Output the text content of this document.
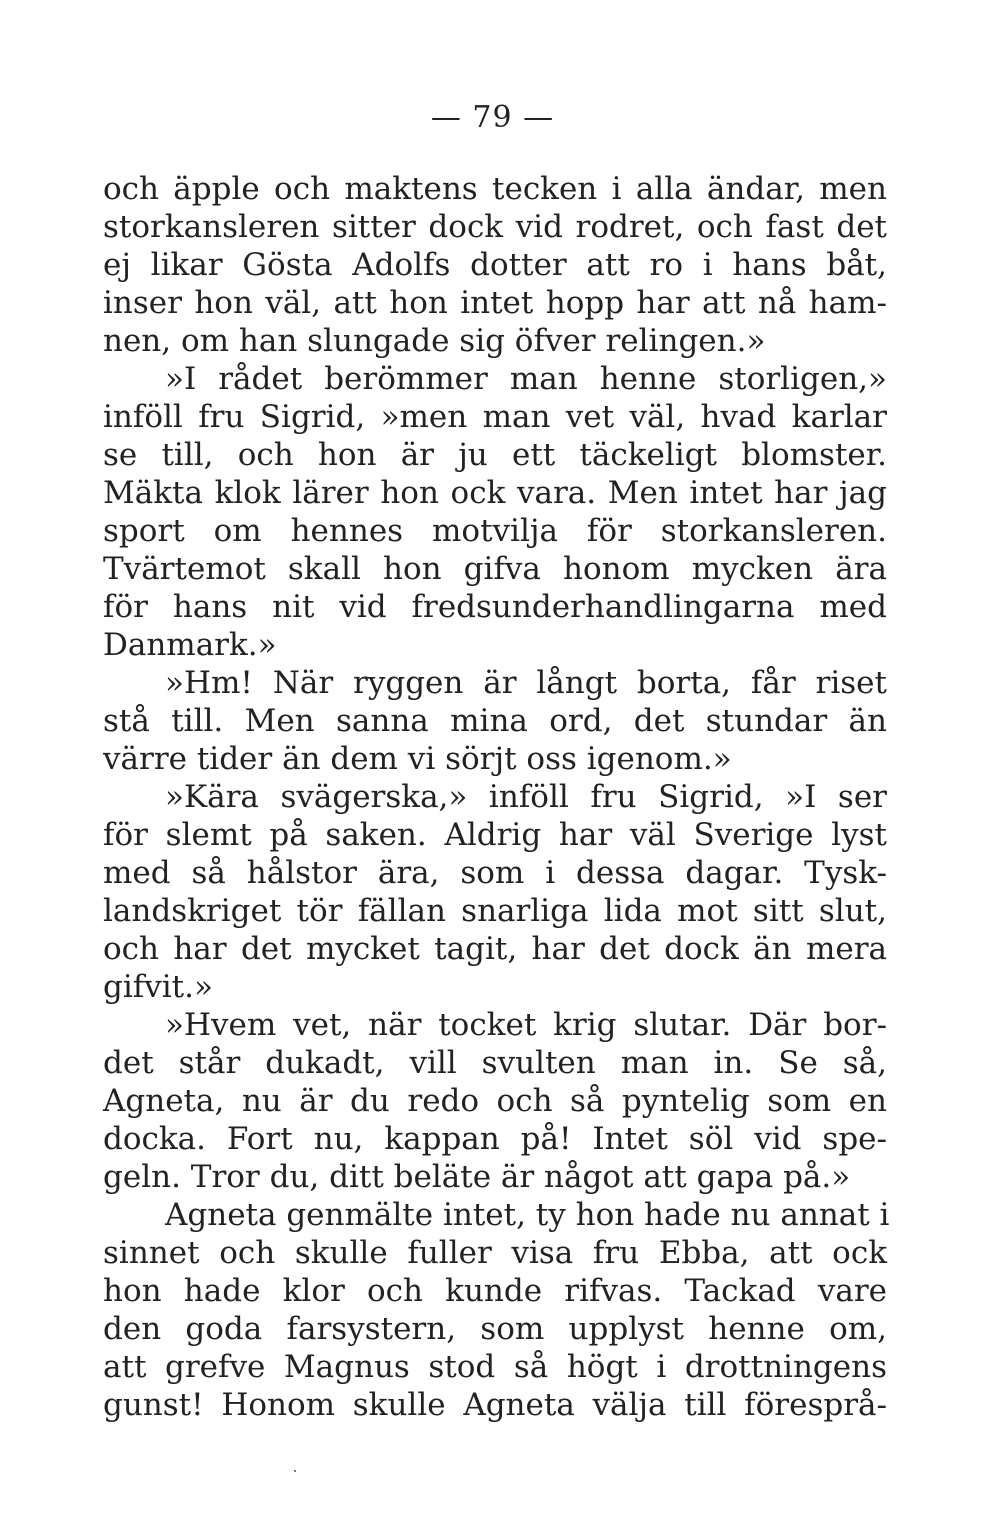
— 79 —
och äpple och maktens tecken i alla ändar, men
storkansleren sitter dock vid rodret, och fast det
ej likar Gösta Adolfs dotter att ro i hans båt,
inser hon väl, att hon intet hopp har att nå ham-
nen, om han slungade sig öfver relingen.»
»I rådet berömmer man henne storligen,»
inföll fru Sigrid, »men man vet väl, hvad karlar
se till, och hon är ju ett täckeligt blomster.
Mäkta klok lärer hon ock vara. Men intet har jag
sport om hennes motvilja för storkansleren.
Tvärtemot skall hon gifva honom mycken ära
för hans nit vid fredsunderhandlingarna med
Danmark.»
»Hm! När ryggen är långt borta, får riset
stå till. Men sanna mina ord, det stundar än
värre tider än dem vi sörjt oss igenom.»
»Kära svägerska,» inföll fru Sigrid, »I ser
för slemt på saken. Aldrig har väl Sverige lyst
med så hålstor ära, som i dessa dagar. Tysk-
landskriget tör fällan snarliga lida mot sitt slut,
och har det mycket tagit, har det dock än mera
gifvit.»
»Hvem vet, när tocket krig slutar. Där bor-
det står dukadt, vill svulten man in. Se så,
Agneta, nu är du redo och så pyntelig som en
docka. Fort nu, kappan på! Intet söl vid spe-
geln. Tror du, ditt beläte är något att gapa på.»
Agneta genmälte intet, ty hon hade nu annat i
sinnet och skulle fuller visa fru Ebba, att ock
hon hade klor och kunde rifvas. Tackad vare
den goda farsystern, som upplyst henne om,
att grefve Magnus stod så högt i drottningens
gunst! Honom skulle Agneta välja till föresprå-
